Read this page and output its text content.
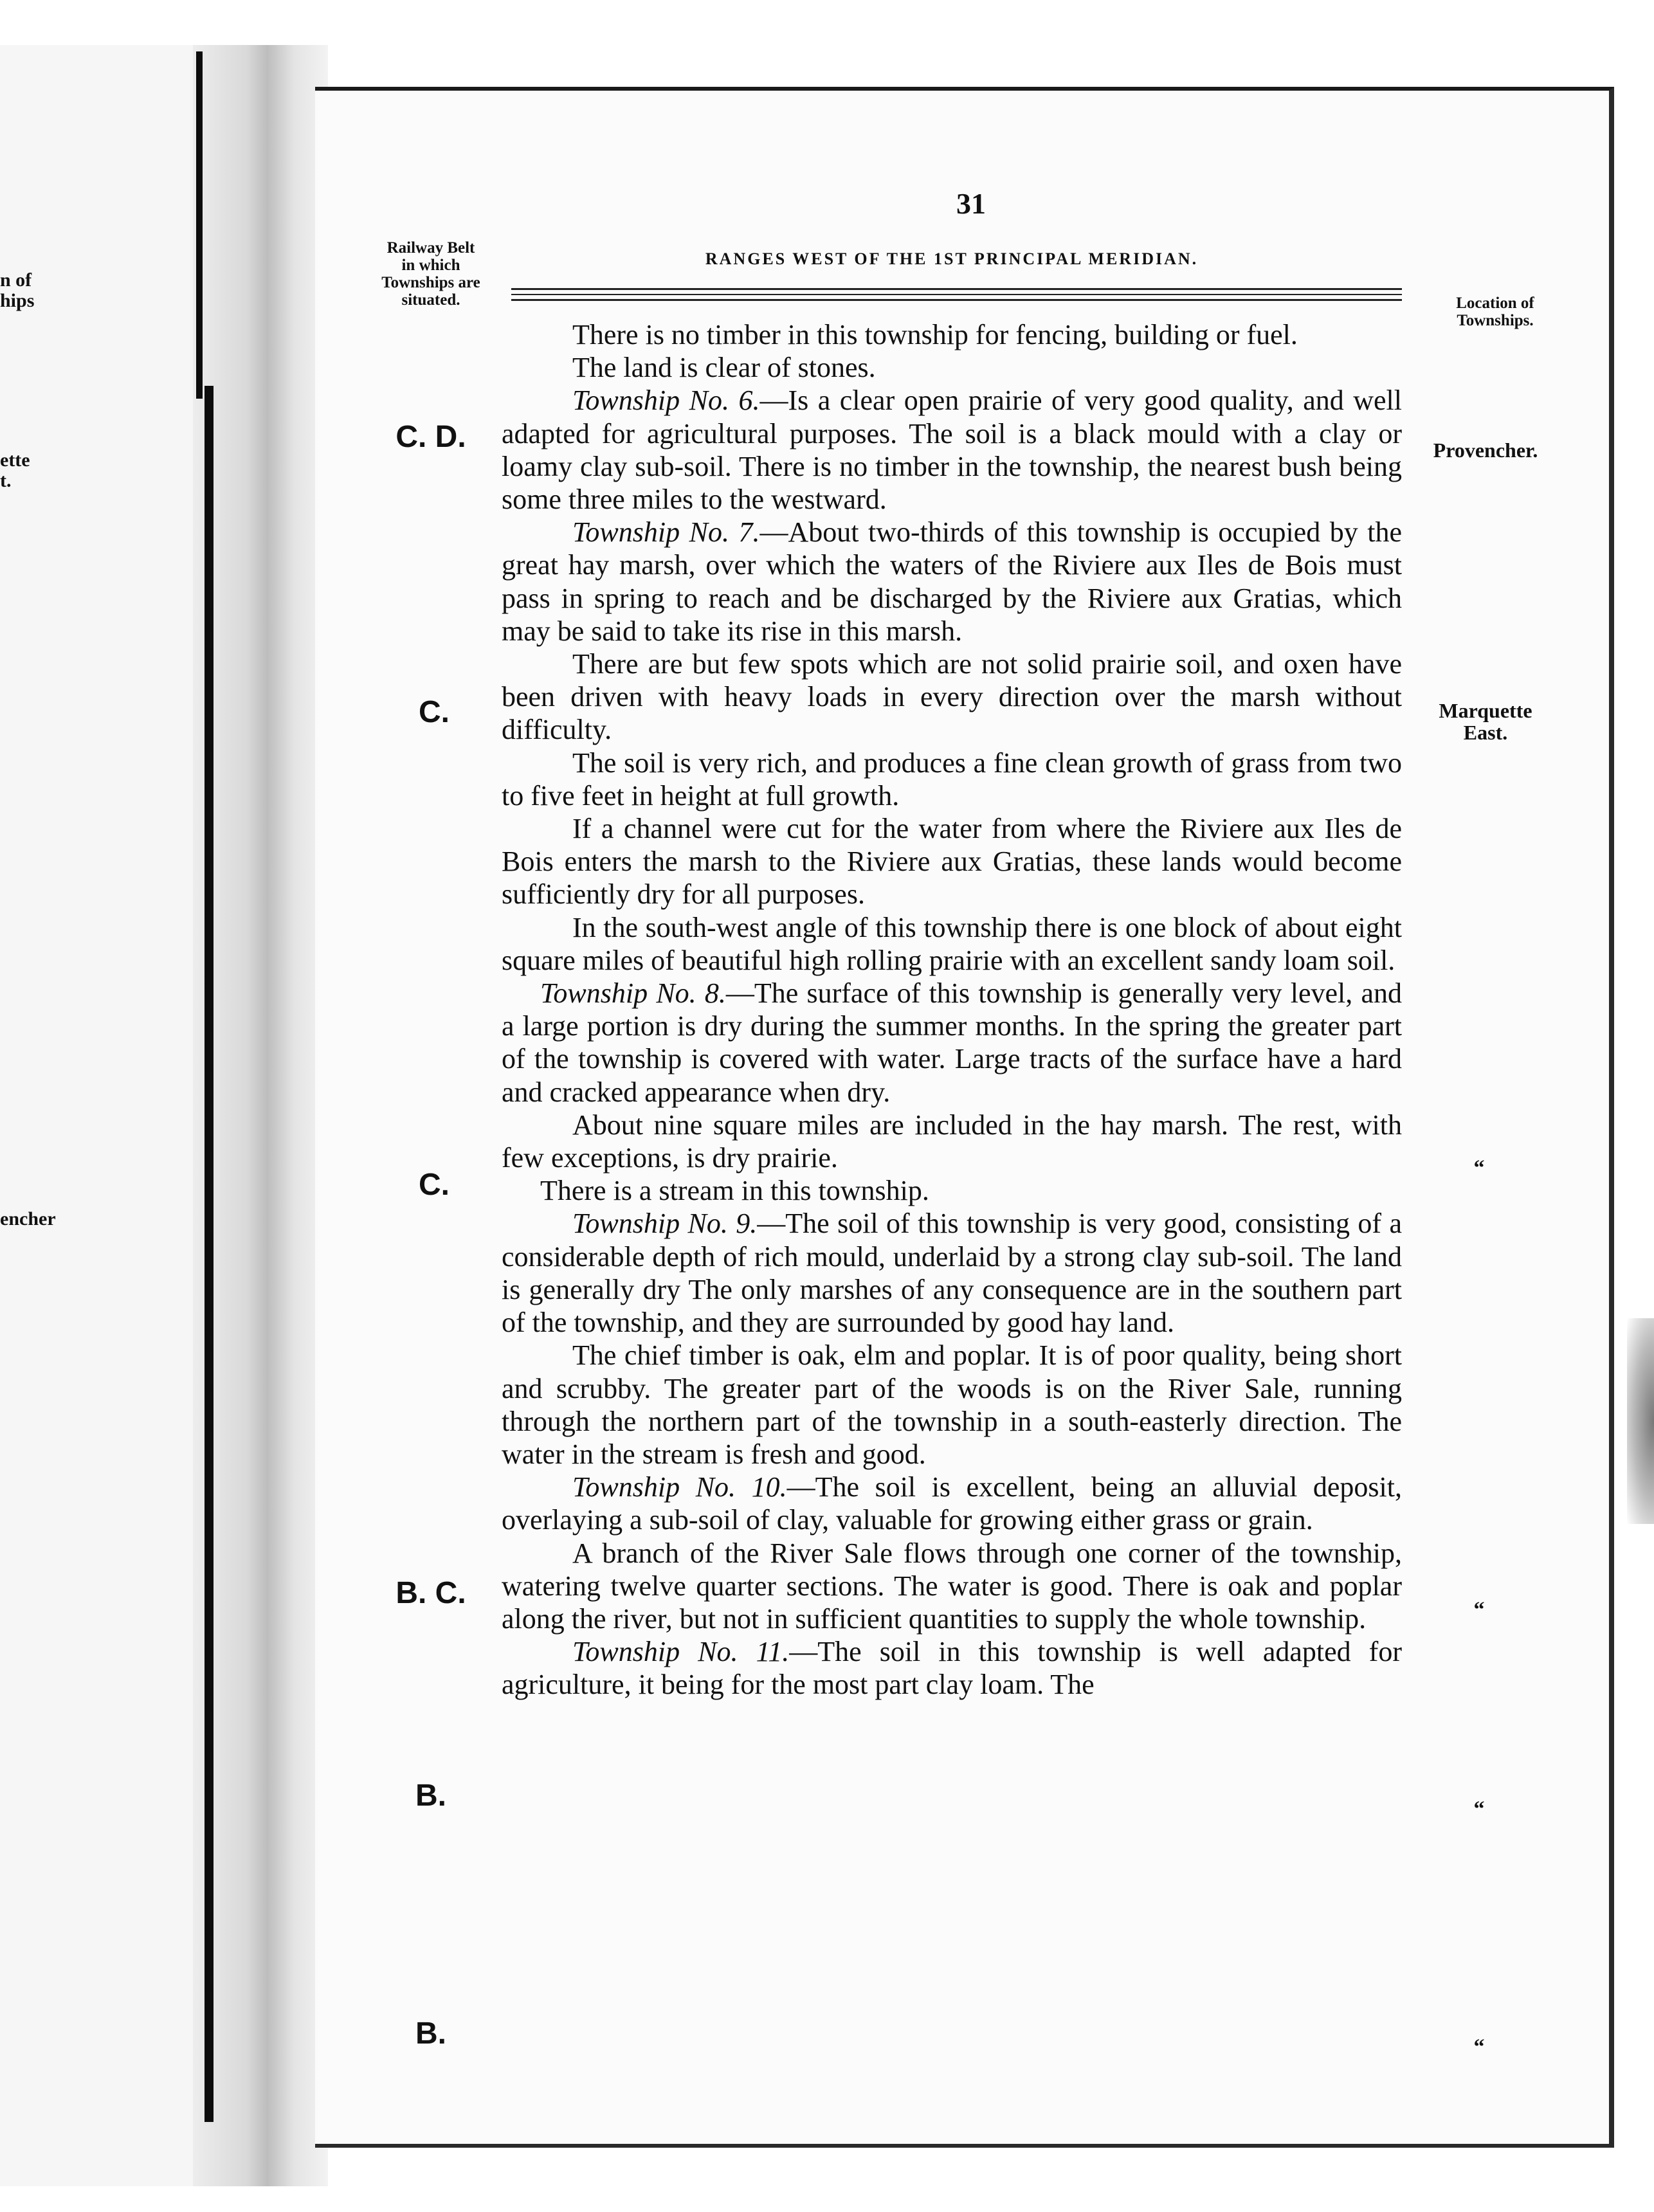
n of
hips
ette
t.
encher
31
Railway Belt
in which
Townships are
situated.
RANGES WEST OF THE 1ST PRINCIPAL MERIDIAN.
Location of
Townships.
C. D.
C.
C.
B. C.
B.
B.
Provencher.
Marquette
East.
“
“
“
“

There is no timber in this township for fencing, building or fuel.

The land is clear of stones.

Township No. 6.—Is a clear open prairie of very good quality, and well adapted for agricultural purposes. The soil is a black mould with a clay or loamy clay sub-soil. There is no timber in the township, the nearest bush being some three miles to the westward.

Township No. 7.—About two-thirds of this township is occupied by the great hay marsh, over which the waters of the Riviere aux Iles de Bois must pass in spring to reach and be discharged by the Riviere aux Gratias, which may be said to take its rise in this marsh.

There are but few spots which are not solid prairie soil, and oxen have been driven with heavy loads in every direction over the marsh without difficulty.

The soil is very rich, and produces a fine clean growth of grass from two to five feet in height at full growth.

If a channel were cut for the water from where the Riviere aux Iles de Bois enters the marsh to the Riviere aux Gratias, these lands would become sufficiently dry for all purposes.

In the south-west angle of this township there is one block of about eight square miles of beautiful high rolling prairie with an excellent sandy loam soil.

Township No. 8.—The surface of this township is generally very level, and a large portion is dry during the summer months. In the spring the greater part of the township is covered with water. Large tracts of the surface have a hard and cracked appearance when dry.

About nine square miles are included in the hay marsh. The rest, with few exceptions, is dry prairie.

There is a stream in this township.

Township No. 9.—The soil of this township is very good, consisting of a considerable depth of rich mould, underlaid by a strong clay sub-soil. The land is generally dry The only marshes of any consequence are in the southern part of the township, and they are surrounded by good hay land.

The chief timber is oak, elm and poplar. It is of poor quality, being short and scrubby. The greater part of the woods is on the River Sale, running through the northern part of the township in a south-easterly direction. The water in the stream is fresh and good.

Township No. 10.—The soil is excellent, being an alluvial deposit, overlaying a sub-soil of clay, valuable for growing either grass or grain.

A branch of the River Sale flows through one corner of the township, watering twelve quarter sections. The water is good. There is oak and poplar along the river, but not in sufficient quantities to supply the whole township.

Township No. 11.—The soil in this township is well adapted for agriculture, it being for the most part clay loam. The
